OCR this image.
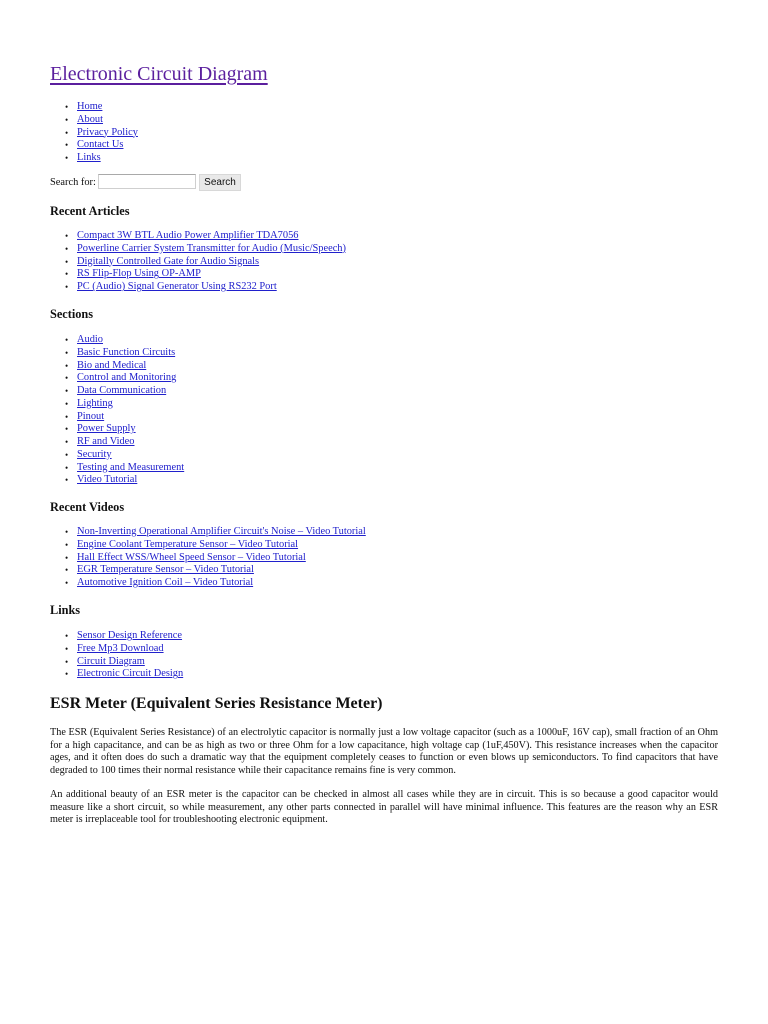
Electronic Circuit Diagram
• Home
• About
• Privacy Policy
• Contact Us
• Links
Search for:	Search
Recent Articles
• Compact 3W BTL Audio Power Amplifier TDA7056
• Powerline Carrier System Transmitter for Audio (Music/Speech)
• Digitally Controlled Gate for Audio Signals
• RS Flip-Flop Using OP-AMP
• PC (Audio) Signal Generator Using RS232 Port
Sections
• Audio
• Basic Function Circuits
• Bio and Medical
• Control and Monitoring
• Data Communication
• Lighting
• Pinout
• Power Supply
• RF and Video
• Security
• Testing and Measurement
• Video Tutorial
Recent Videos
• Non-Inverting Operational Amplifier Circuit's Noise – Video Tutorial
• Engine Coolant Temperature Sensor – Video Tutorial
• Hall Effect WSS/Wheel Speed Sensor – Video Tutorial
• EGR Temperature Sensor – Video Tutorial
• Automotive Ignition Coil – Video Tutorial
Links
• Sensor Design Reference
• Free Mp3 Download
• Circuit Diagram
• Electronic Circuit Design
ESR Meter (Equivalent Series Resistance Meter)

The ESR (Equivalent Series Resistance) of an electrolytic capacitor is normally just a low voltage capacitor (such as a 1000uF, 16V cap), small fraction of an Ohm for a high capacitance, and can be as high as two or three Ohm for a low capacitance, high voltage cap (1uF,450V). This resistance increases when the capacitor ages, and it often does do such a dramatic way that the equipment completely ceases to function or even blows up semiconductors. To find capacitors that have degraded to 100 times their normal resistance while their capacitance remains fine is very common.

An additional beauty of an ESR meter is the capacitor can be checked in almost all cases while they are in circuit. This is so because a good capacitor would measure like a short circuit, so while measurement, any other parts connected in parallel will have minimal influence. This features are the reason why an ESR meter is irreplaceable tool for troubleshooting electronic equipment.
